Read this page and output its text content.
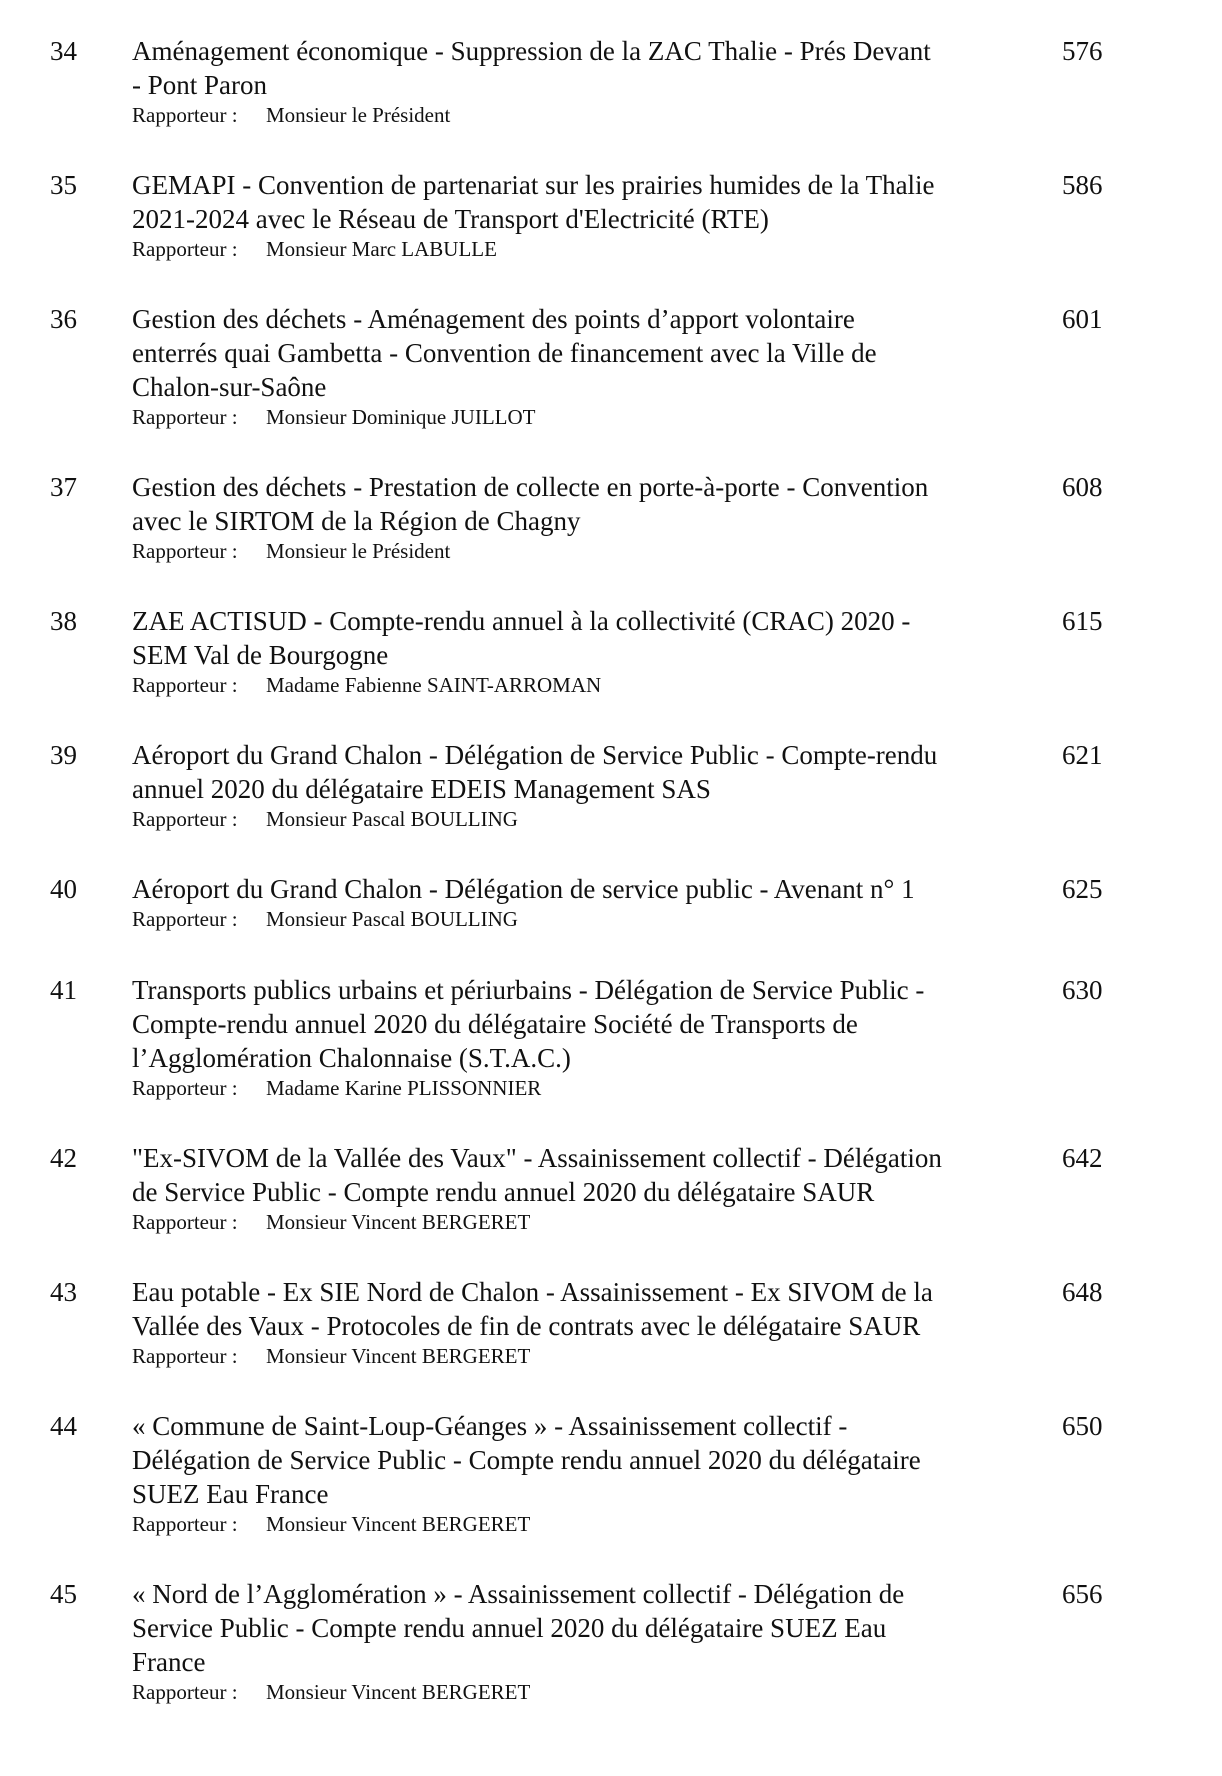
34 Aménagement économique - Suppression de la ZAC Thalie - Prés Devant
- Pont Paron
Rapporteur : Monsieur le Président
576
35 GEMAPI - Convention de partenariat sur les prairies humides de la Thalie
2021-2024 avec le Réseau de Transport d'Electricité (RTE)
Rapporteur : Monsieur Marc LABULLE
586
36 Gestion des déchets - Aménagement des points d’apport volontaire
enterrés quai Gambetta - Convention de financement avec la Ville de
Chalon-sur-Saône
Rapporteur : Monsieur Dominique JUILLOT
601
37 Gestion des déchets - Prestation de collecte en porte-à-porte - Convention
avec le SIRTOM de la Région de Chagny
Rapporteur : Monsieur le Président
608
38 ZAE ACTISUD - Compte-rendu annuel à la collectivité (CRAC) 2020 -
SEM Val de Bourgogne
Rapporteur : Madame Fabienne SAINT-ARROMAN
615
39 Aéroport du Grand Chalon - Délégation de Service Public - Compte-rendu
annuel 2020 du délégataire EDEIS Management SAS
Rapporteur : Monsieur Pascal BOULLING
621
40 Aéroport du Grand Chalon - Délégation de service public - Avenant n° 1
Rapporteur : Monsieur Pascal BOULLING
625
41 Transports publics urbains et périurbains - Délégation de Service Public -
Compte-rendu annuel 2020 du délégataire Société de Transports de
l’Agglomération Chalonnaise (S.T.A.C.)
Rapporteur : Madame Karine PLISSONNIER
630
42 "Ex-SIVOM de la Vallée des Vaux" - Assainissement collectif - Délégation
de Service Public - Compte rendu annuel 2020 du délégataire SAUR
Rapporteur : Monsieur Vincent BERGERET
642
43 Eau potable - Ex SIE Nord de Chalon - Assainissement - Ex SIVOM de la
Vallée des Vaux - Protocoles de fin de contrats avec le délégataire SAUR
Rapporteur : Monsieur Vincent BERGERET
648
44 « Commune de Saint-Loup-Géanges » - Assainissement collectif -
Délégation de Service Public - Compte rendu annuel 2020 du délégataire
SUEZ Eau France
Rapporteur : Monsieur Vincent BERGERET
650
45 « Nord de l’Agglomération » - Assainissement collectif - Délégation de
Service Public - Compte rendu annuel 2020 du délégataire SUEZ Eau
France
Rapporteur : Monsieur Vincent BERGERET
656
